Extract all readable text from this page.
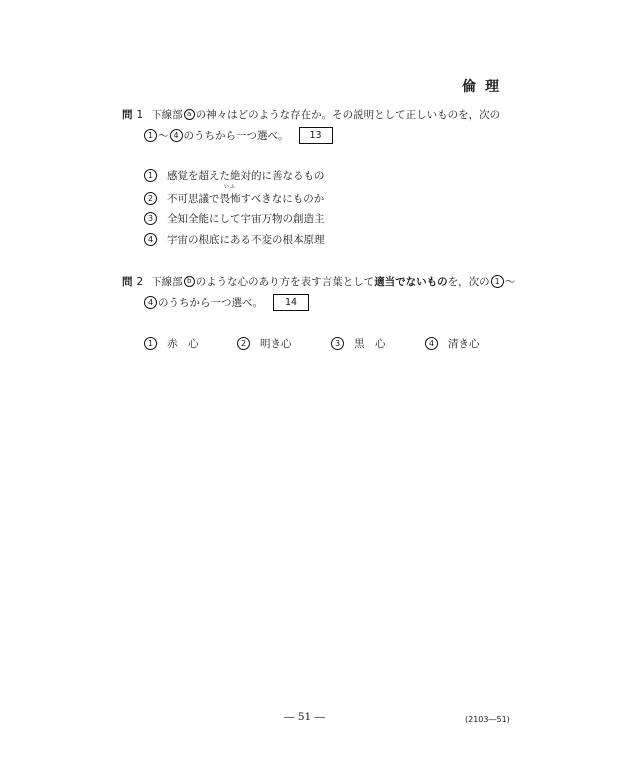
倫理
問 1 下線部 a の神々はどのような存在か。その説明として正しいものを，次の
1 ～ 4 のうちから一つ選べ。	13
1	感覚を超えた絶対的に善なるもの
2	不可思議で
いふ
畏怖すべきなにものか
3	全知全能にして宇宙万物の創造主
4	宇宙の根底にある不変の根本原理
問 2 下線部 b のような心のあり方を表す言葉として 適当でないもの を，次の 1 ～
4 のうちから一つ選べ。	14
1	赤　心	2	明き心	3	黒　心	4	清き心
― 51 ―	(2103―51)
